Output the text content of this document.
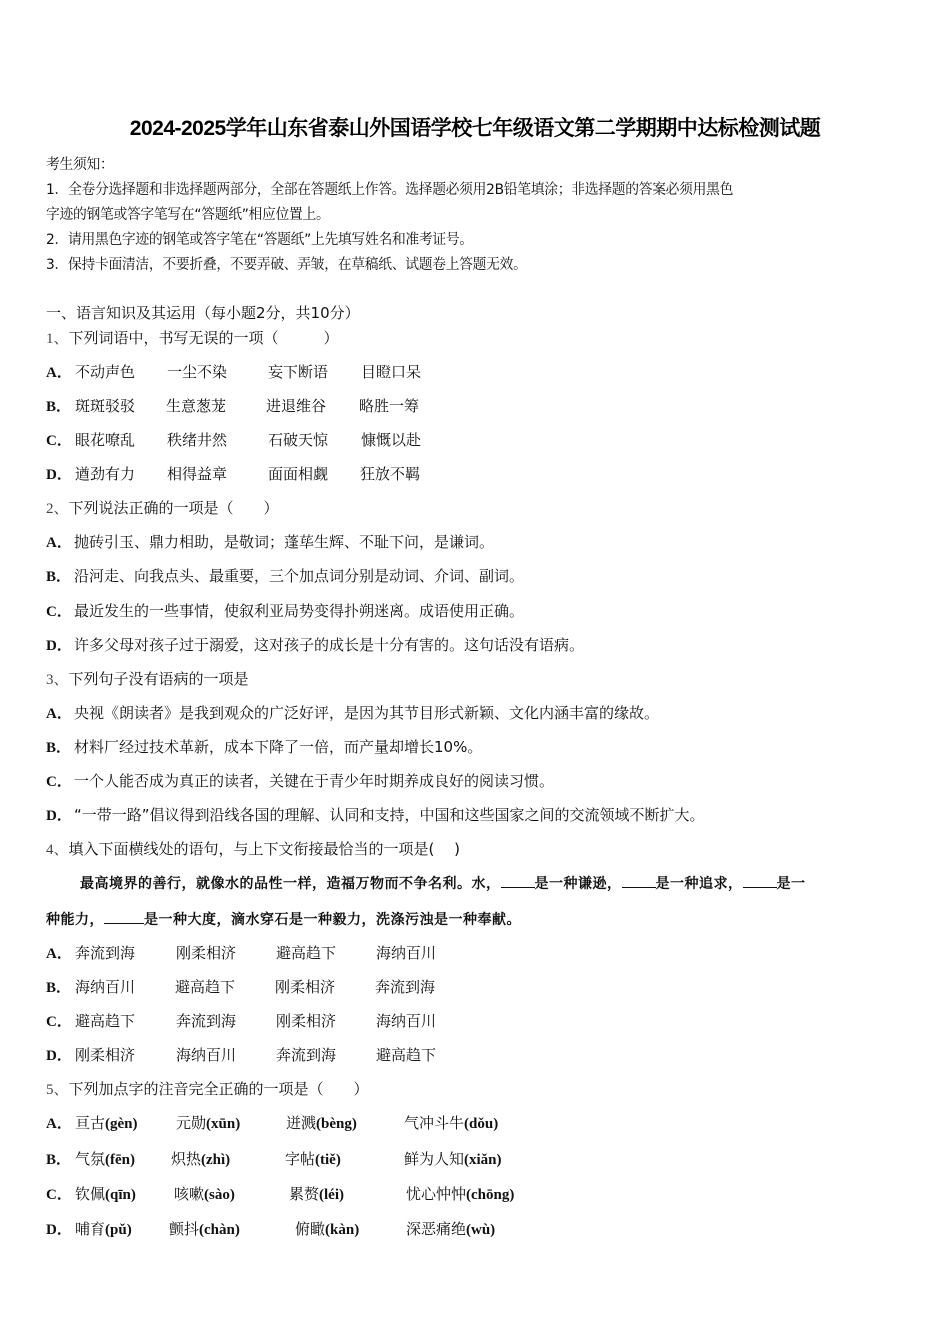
2024-2025学年山东省泰山外国语学校七年级语文第二学期期中达标检测试题
考生须知：
1．全卷分选择题和非选择题两部分，全部在答题纸上作答。选择题必须用2B铅笔填涂；非选择题的答案必须用黑色
字迹的钢笔或答字笔写在“答题纸”相应位置上。
2．请用黑色字迹的钢笔或答字笔在“答题纸”上先填写姓名和准考证号。
3．保持卡面清洁，不要折叠，不要弄破、弄皱，在草稿纸、试题卷上答题无效。
一、语言知识及其运用（每小题2分，共10分）
1、下列词语中，书写无误的一项（　　　）
A． 不动声色 一尘不染	妄下断语 目瞪口呆
B． 斑斑驳驳 生意葱茏	进退维谷 略胜一筹
C． 眼花嘹乱 秩绪井然	石破天惊 慷慨以赴
D． 遒劲有力 相得益章	面面相觑 狂放不羁
2、下列说法正确的一项是（　　）
A． 抛砖引玉、鼎力相助，是敬词；蓬荜生辉、不耻下问，是谦词。
B． 沿河走、向我点头、最重要，三个加点词分别是动词、介词、副词。
C． 最近发生的一些事情，使叙利亚局势变得扑朔迷离。成语使用正确。
D． 许多父母对孩子过于溺爱，这对孩子的成长是十分有害的。这句话没有语病。
3、下列句子没有语病的一项是
A． 央视《朗读者》是我到观众的广泛好评，是因为其节目形式新颖、文化内涵丰富的缘故。
B． 材料厂经过技术革新，成本下降了一倍，而产量却增长10%。
C． 一个人能否成为真正的读者，关键在于青少年时期养成良好的阅读习惯。
D． “一带一路”倡议得到沿线各国的理解、认同和支持，中国和这些国家之间的交流领域不断扩大。
4、填入下面横线处的语句，与上下文衔接最恰当的一项是(　 )
最高境界的善行，就像水的品性一样，造福万物而不争名利。水， 是一种谦逊， 是一种追求， 是一
种能力，	是一种大度，滴水穿石是一种毅力，洗涤污浊是一种奉献。
A． 奔流到海	刚柔相济	避高趋下	海纳百川
B． 海纳百川	避高趋下	刚柔相济	奔流到海
C． 避高趋下	奔流到海	刚柔相济	海纳百川
D． 刚柔相济	海纳百川	奔流到海	避高趋下
5、下列加点字的注音完全正确的一项是（　　）
A． 亘古(gèn)	元勋(xūn)	迸溅(bèng)	气冲斗牛(dǒu)
B． 气氛(fēn) 炽热(zhì)	字帖(tiě)	鲜为人知(xiǎn)
C． 钦佩(qīn)	咳嗽(sào)	累赘(léi)	忧心忡忡(chōng)
D． 哺育(pǔ) 颤抖(chàn)	俯瞰(kàn)	深恶痛绝(wù)
